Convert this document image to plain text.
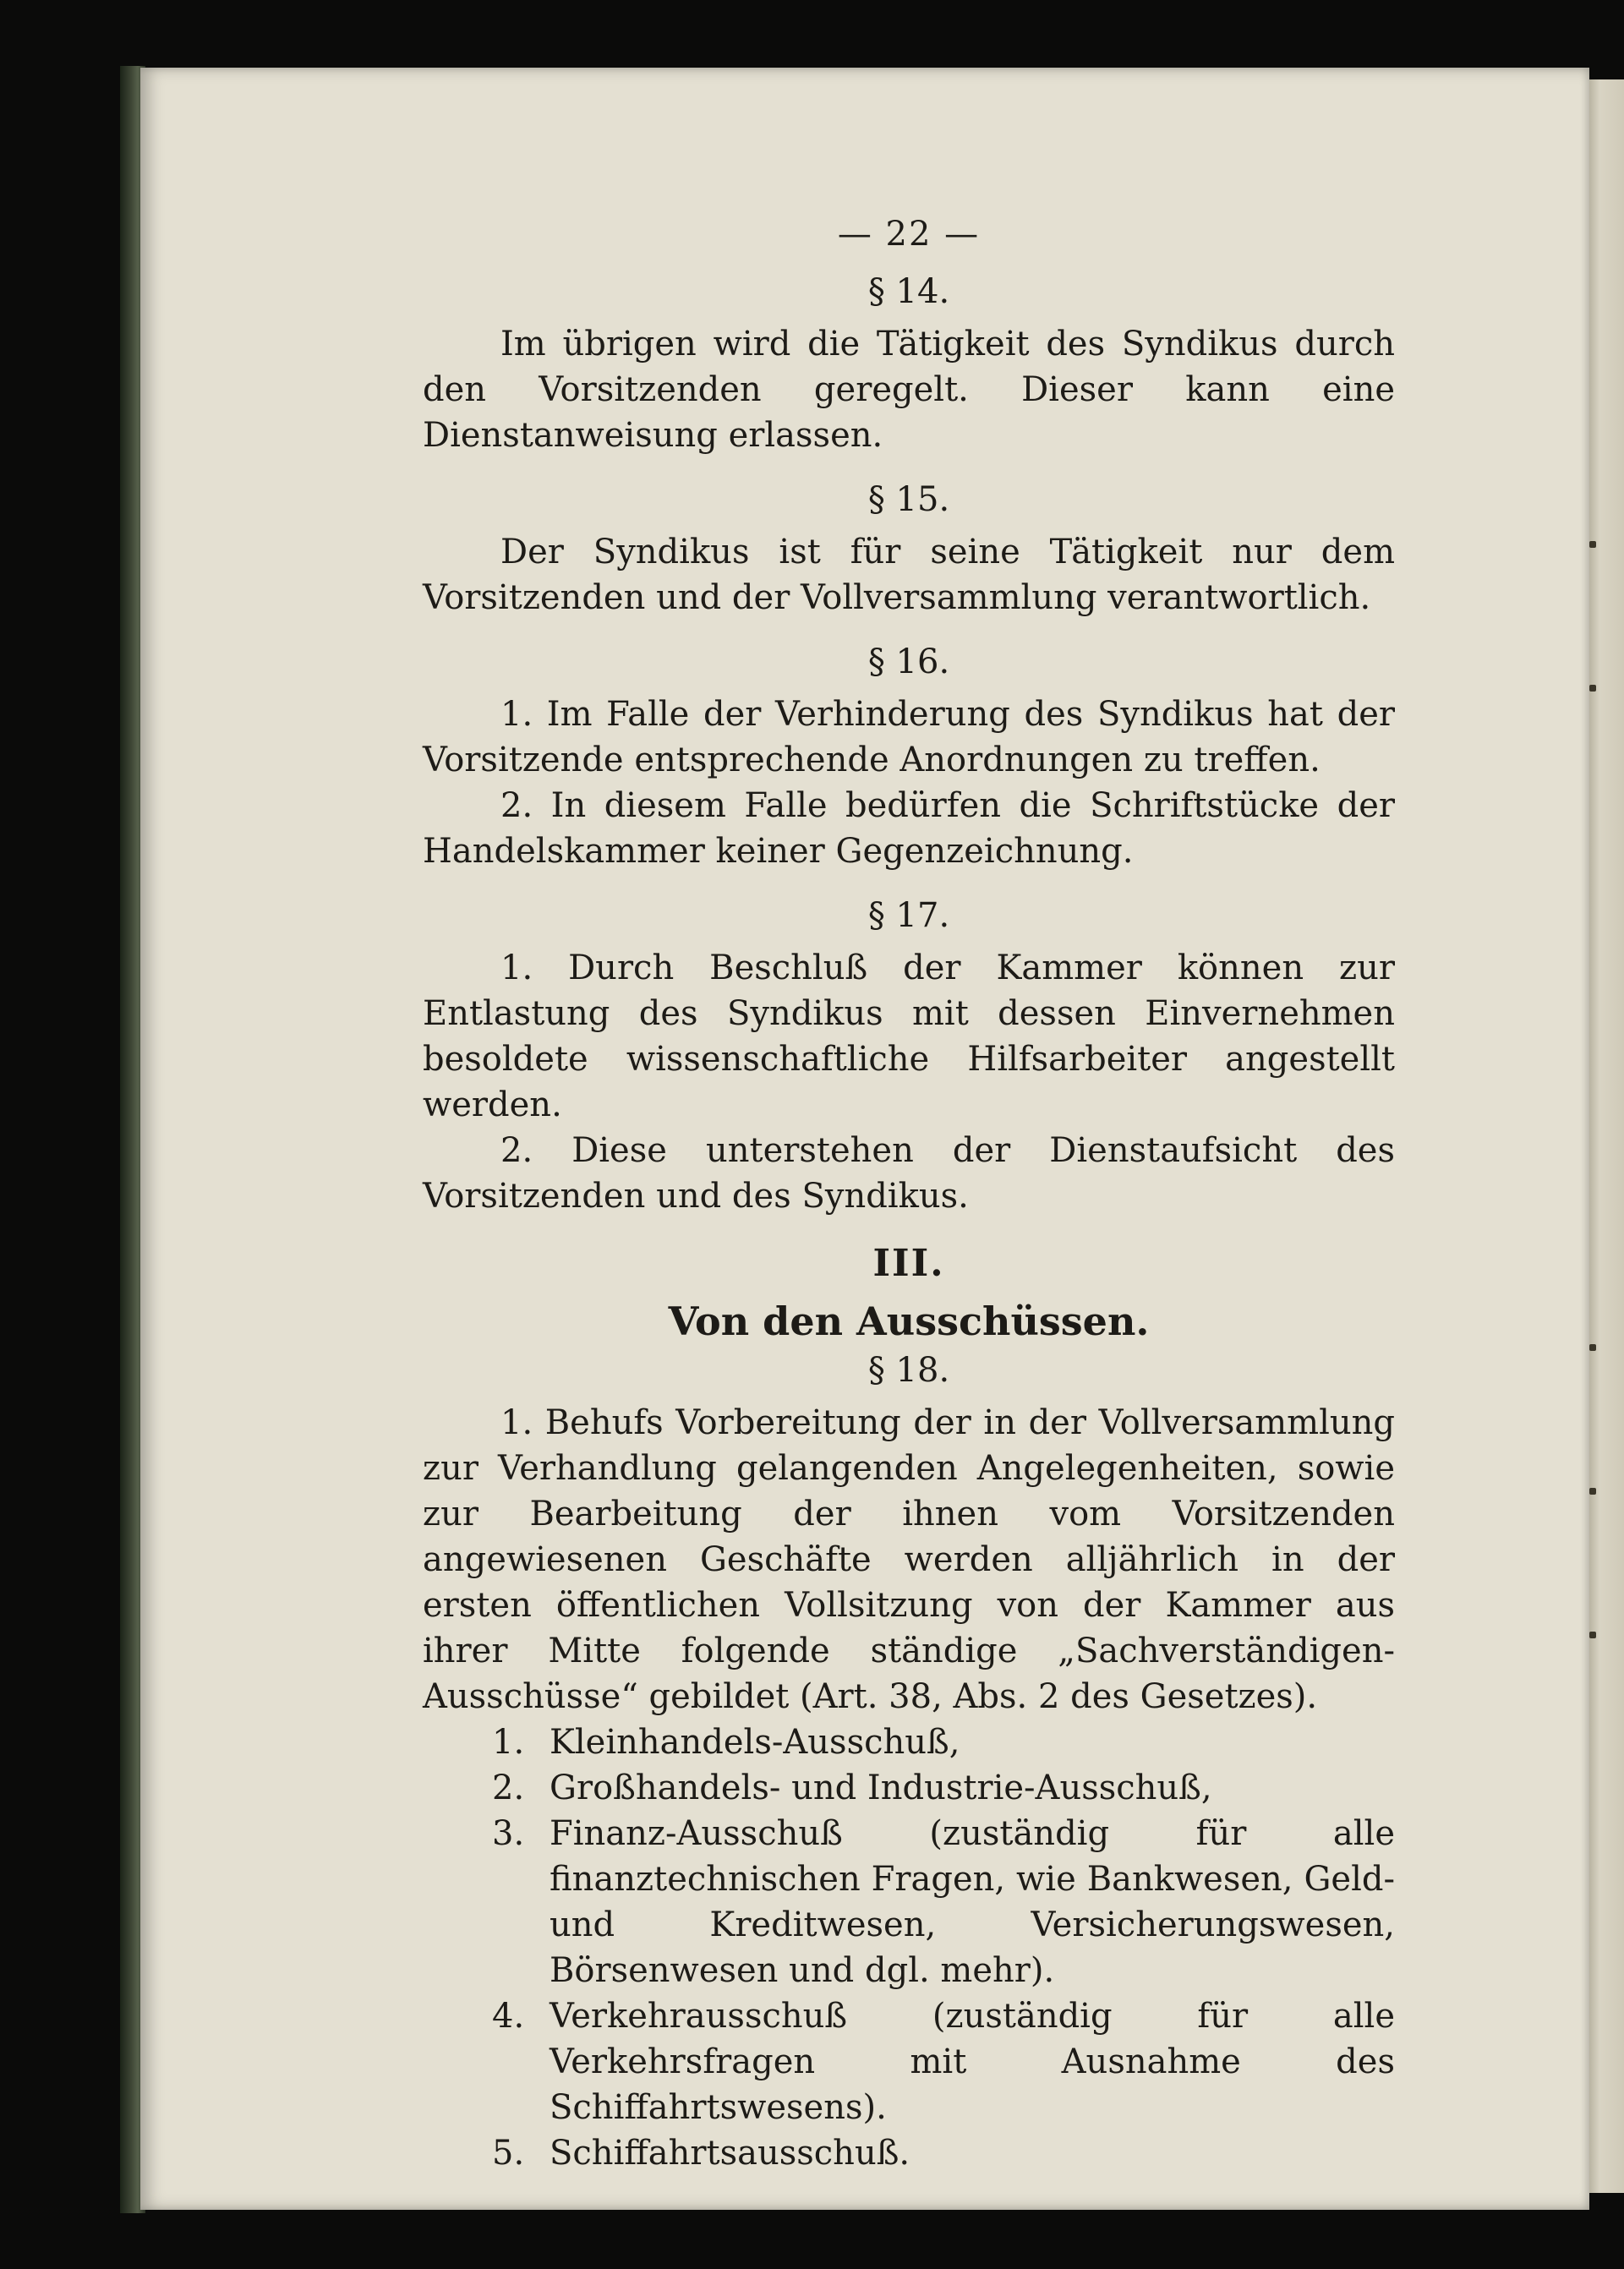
— 22 —
§ 14.

Im übrigen wird die Tätigkeit des Syndikus durch den Vorsitzenden geregelt. Dieser kann eine Dienstanweisung erlassen.

§ 15.

Der Syndikus ist für seine Tätigkeit nur dem Vorsitzenden und der Vollversammlung verantwortlich.

§ 16.

1. Im Falle der Verhinderung des Syndikus hat der Vorsitzende entsprechende Anordnungen zu treffen.

2. In diesem Falle bedürfen die Schriftstücke der Handelskammer keiner Gegenzeichnung.

§ 17.

1. Durch Beschluß der Kammer können zur Entlastung des Syndikus mit dessen Einvernehmen besoldete wissenschaftliche Hilfsarbeiter angestellt werden.

2. Diese unterstehen der Dienstaufsicht des Vorsitzenden und des Syndikus.

III.
Von den Ausschüssen.
§ 18.

1. Behufs Vorbereitung der in der Vollversammlung zur Verhandlung gelangenden Angelegenheiten, sowie zur Bearbeitung der ihnen vom Vorsitzenden angewiesenen Geschäfte werden alljährlich in der ersten öffentlichen Vollsitzung von der Kammer aus ihrer Mitte folgende ständige „Sachverständigen-Ausschüsse“ gebildet (Art. 38, Abs. 2 des Gesetzes).

1. Kleinhandels-Ausschuß,
2. Großhandels- und Industrie-Ausschuß,
3. Finanz-Ausschuß (zuständig für alle finanztechnischen Fragen, wie Bankwesen, Geld- und Kreditwesen, Versicherungswesen, Börsenwesen und dgl. mehr).
4. Verkehrausschuß (zuständig für alle Verkehrsfragen mit Ausnahme des Schiffahrtswesens).
5. Schiffahrtsausschuß.
